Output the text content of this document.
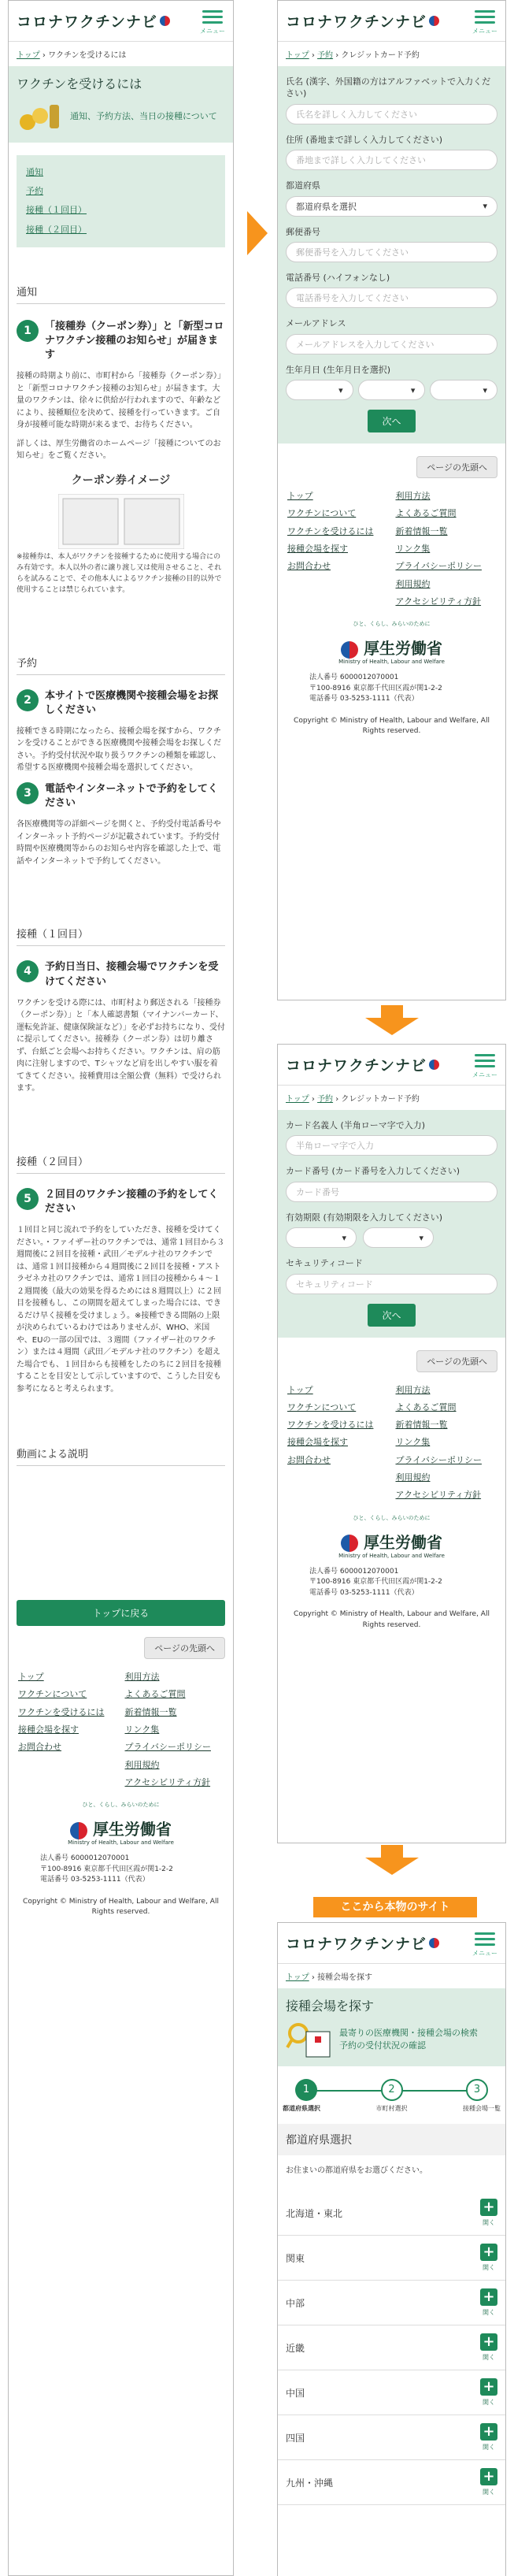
コロナワクチンナビ	メニュー
トップ › ワクチンを受けるには
ワクチンを受けるには
通知、予約方法、当日の接種について
通知
予約
接種（１回目）
接種（２回目）
通知
1	「接種券（クーポン券）」と「新型コロナワクチン接種のお知らせ」が届きます
接種の時期より前に、市町村から「接種券（クーポン券）」と「新型コロナワクチン接種のお知らせ」が届きます。大量のワクチンは、徐々に供給が行われますので、年齢などにより、接種順位を決めて、接種を行っていきます。ご自身が接種可能な時期が来るまで、お待ちください。
詳しくは、厚生労働省のホームページ「接種についてのお知らせ」をご覧ください。
クーポン券イメージ
※接種券は、本人がワクチンを接種するために使用する場合にのみ有効です。本人以外の者に譲り渡し又は使用させること、それらを試みることで、その他本人によるワクチン接種の目的以外で使用することは禁じられています。
予約
2	本サイトで医療機関や接種会場をお探しください
接種できる時期になったら、接種会場を探すから、ワクチンを受けることができる医療機関や接種会場をお探しください。予約受付状況や取り扱うワクチンの種類を確認し、希望する医療機関や接種会場を選択してください。
3	電話やインターネットで予約をしてください
各医療機関等の詳細ページを開くと、予約受付電話番号やインターネット予約ページが記載されています。予約受付時間や医療機関等からのお知らせ内容を確認した上で、電話やインターネットで予約してください。
接種（１回目）
4	予約日当日、接種会場でワクチンを受けてください
ワクチンを受ける際には、市町村より郵送される「接種券（クーポン券）」と「本人確認書類（マイナンバーカード、運転免許証、健康保険証など）」を必ずお持ちになり、受付に提示してください。接種券（クーポン券）は切り離さず、台紙ごと会場へお持ちください。ワクチンは、肩の筋肉に注射しますので、Tシャツなど肩を出しやすい服を着てきてください。接種費用は全額公費（無料）で受けられます。
接種（２回目）
5	２回目のワクチン接種の予約をしてください
１回目と同じ流れで予約をしていただき、接種を受けてください。・ファイザー社のワクチンでは、通常１回目から３週間後に２回目を接種・武田／モデルナ社のワクチンでは、通常１回目接種から４週間後に２回目を接種・アストラゼネカ社のワクチンでは、通常１回目の接種から４〜１２週間後（最大の効果を得るためには８週間以上）に２回目を接種もし、この期間を超えてしまった場合には、できるだけ早く接種を受けましょう。※接種できる間隔の上限が決められているわけではありませんが、WHO、米国や、EUの一部の国では、３週間（ファイザー社のワクチン）または４週間（武田／モデルナ社のワクチン）を超えた場合でも、１回目からも接種をしたのちに２回目を接種することを目安として示していますので、こうした目安も参考になると考えられます。
動画による説明
トップに戻る
ページの先頭へ
トップ	利用方法
ワクチンについて	よくあるご質問
ワクチンを受けるには	新着情報一覧
接種会場を探す	リンク集
お問合わせ	プライバシーポリシー
利用規約
アクセシビリティ方針
ひと、くらし、みらいのために
厚生労働省
Ministry of Health, Labour and Welfare
法人番号 6000012070001
〒100-8916 東京都千代田区霞が関1-2-2
電話番号 03-5253-1111（代表）
Copyright © Ministry of Health, Labour and Welfare, All Rights reserved.
コロナワクチンナビ	メニュー
トップ › 予約 › クレジットカード予約
氏名 (漢字、外国籍の方はアルファベットで入力ください)
氏名を詳しく入力してください
住所 (番地まで詳しく入力してください)
番地まで詳しく入力してください
都道府県
都道府県を選択	▾
郵便番号
郵便番号を入力してください
電話番号 (ハイフォンなし)
電話番号を入力してください
メールアドレス
メールアドレスを入力してください
生年月日 (生年月日を選択)
▾	▾	▾
次へ
ページの先頭へ
トップ	利用方法
ワクチンについて	よくあるご質問
ワクチンを受けるには	新着情報一覧
接種会場を探す	リンク集
お問合わせ	プライバシーポリシー
利用規約
アクセシビリティ方針
ひと、くらし、みらいのために
厚生労働省
Ministry of Health, Labour and Welfare
法人番号 6000012070001
〒100-8916 東京都千代田区霞が関1-2-2
電話番号 03-5253-1111（代表）
Copyright © Ministry of Health, Labour and Welfare, All Rights reserved.
コロナワクチンナビ	メニュー
トップ › 予約 › クレジットカード予約
カード名義人 (半角ローマ字で入力)
半角ローマ字で入力
カード番号 (カード番号を入力してください)
カード番号
有効期限 (有効期限を入力してください)
▾	▾
セキュリティコード
セキュリティコード
次へ
ページの先頭へ
トップ	利用方法
ワクチンについて	よくあるご質問
ワクチンを受けるには	新着情報一覧
接種会場を探す	リンク集
お問合わせ	プライバシーポリシー
利用規約
アクセシビリティ方針
ひと、くらし、みらいのために
厚生労働省
Ministry of Health, Labour and Welfare
法人番号 6000012070001
〒100-8916 東京都千代田区霞が関1-2-2
電話番号 03-5253-1111（代表）
Copyright © Ministry of Health, Labour and Welfare, All Rights reserved.
ここから本物のサイト
コロナワクチンナビ	メニュー
トップ › 接種会場を探す
接種会場を探す
最寄りの医療機関・接種会場の検索
予約の受付状況の確認
1	2	3
都道府県選択	市町村選択	接種会場一覧
都道府県選択
お住まいの都道府県をお選びください。
北海道・東北	+
開く
関東	+
開く
中部	+
開く
近畿	+
開く
中国	+
開く
四国	+
開く
九州・沖縄	+
開く
